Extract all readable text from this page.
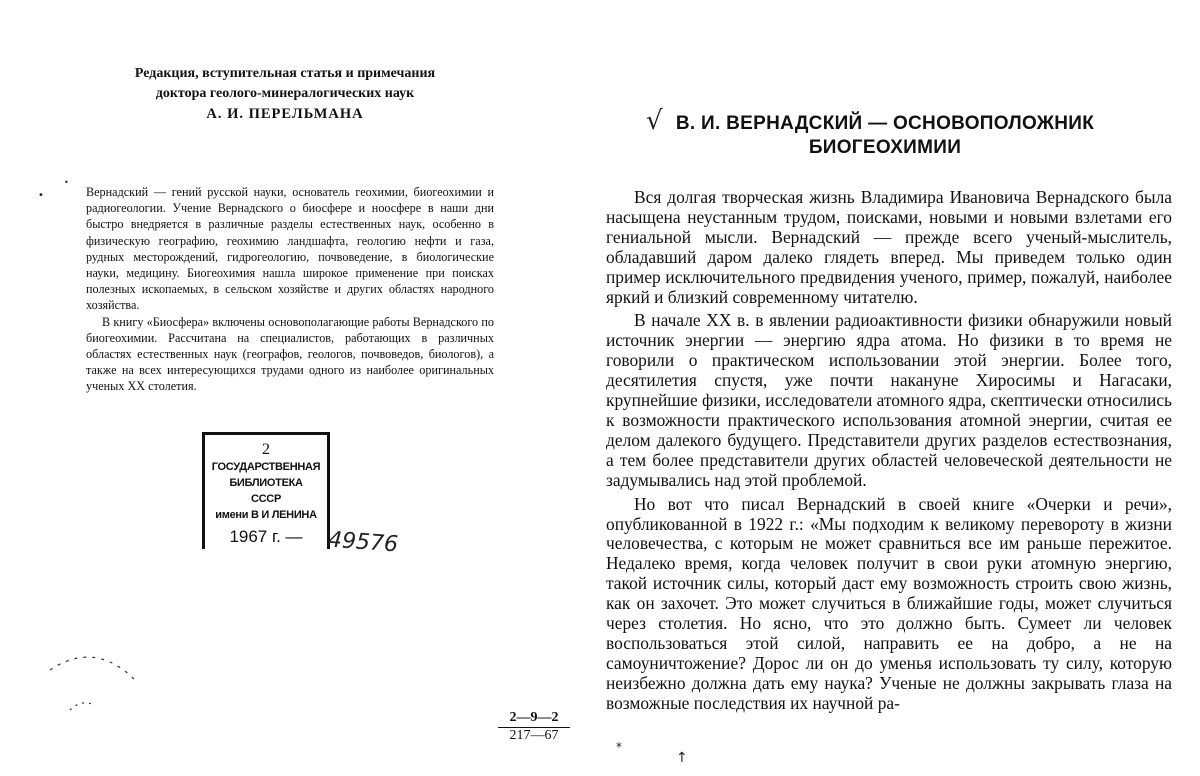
Редакция, вступительная статья и примечания
доктора геолого-минералогических наук
А. И. ПЕРЕЛЬМАНА
•
•

Вернадский — гений русской науки, основатель геохимии, биогеохимии и радиогеологии. Учение Вернадского о биосфере и ноосфере в наши дни быстро внедряется в различные разделы естественных наук, особенно в физическую географию, геохимию ландшафта, геологию нефти и газа, рудных месторождений, гидрогеологию, почвоведение, в биологические науки, медицину. Биогеохимия нашла широкое применение при поисках полезных ископаемых, в сельском хозяйстве и других областях народного хозяйства.

В книгу «Биосфера» включены основополагающие работы Вернадского по биогеохимии. Рассчитана на специалистов, работающих в различных областях естественных наук (географов, геологов, почвоведов, биологов), а также на всех интересующихся трудами одного из наиболее оригинальных ученых XX столетия.

2
ГОСУДАРСТВЕННАЯ
БИБЛИОТЕКА
СССР
имени В И ЛЕНИНА
1967 г. —	49576
$\frac{2—9—2}{217—67}$
√ В. И. ВЕРНАДСКИЙ — ОСНОВОПОЛОЖНИК
БИОГЕОХИМИИ

Вся долгая творческая жизнь Владимира Ивановича Вернадского была насыщена неустанным трудом, поисками, новыми и новыми взлетами его гениальной мысли. Вернадский — прежде всего ученый-мыслитель, обладавший даром далеко глядеть вперед. Мы приведем только один пример исключительного предвидения ученого, пример, пожалуй, наиболее яркий и близкий современному читателю.

В начале XX в. в явлении радиоактивности физики обнаружили новый источник энергии — энергию ядра атома. Но физики в то время не говорили о практическом использовании этой энергии. Более того, десятилетия спустя, уже почти накануне Хиросимы и Нагасаки, крупнейшие физики, исследователи атомного ядра, скептически относились к возможности практического использования атомной энергии, считая ее делом далекого будущего. Представители других разделов естествознания, а тем более представители других областей человеческой деятельности не задумывались над этой проблемой.

Но вот что писал Вернадский в своей книге «Очерки и речи», опубликованной в 1922 г.: «Мы подходим к великому перевороту в жизни человечества, с которым не может сравниться все им раньше пережитое. Недалеко время, когда человек получит в свои руки атомную энергию, такой источник силы, который даст ему возможность строить свою жизнь, как он захочет. Это может случиться в ближайшие годы, может случиться через столетия. Но ясно, что это должно быть. Сумеет ли человек воспользоваться этой силой, направить ее на добро, а не на самоуничтожение? Дорос ли он до уменья использовать ту силу, которую неизбежно должна дать ему наука? Ученые не должны закрывать глаза на возможные последствия их научной ра-

*
↑
